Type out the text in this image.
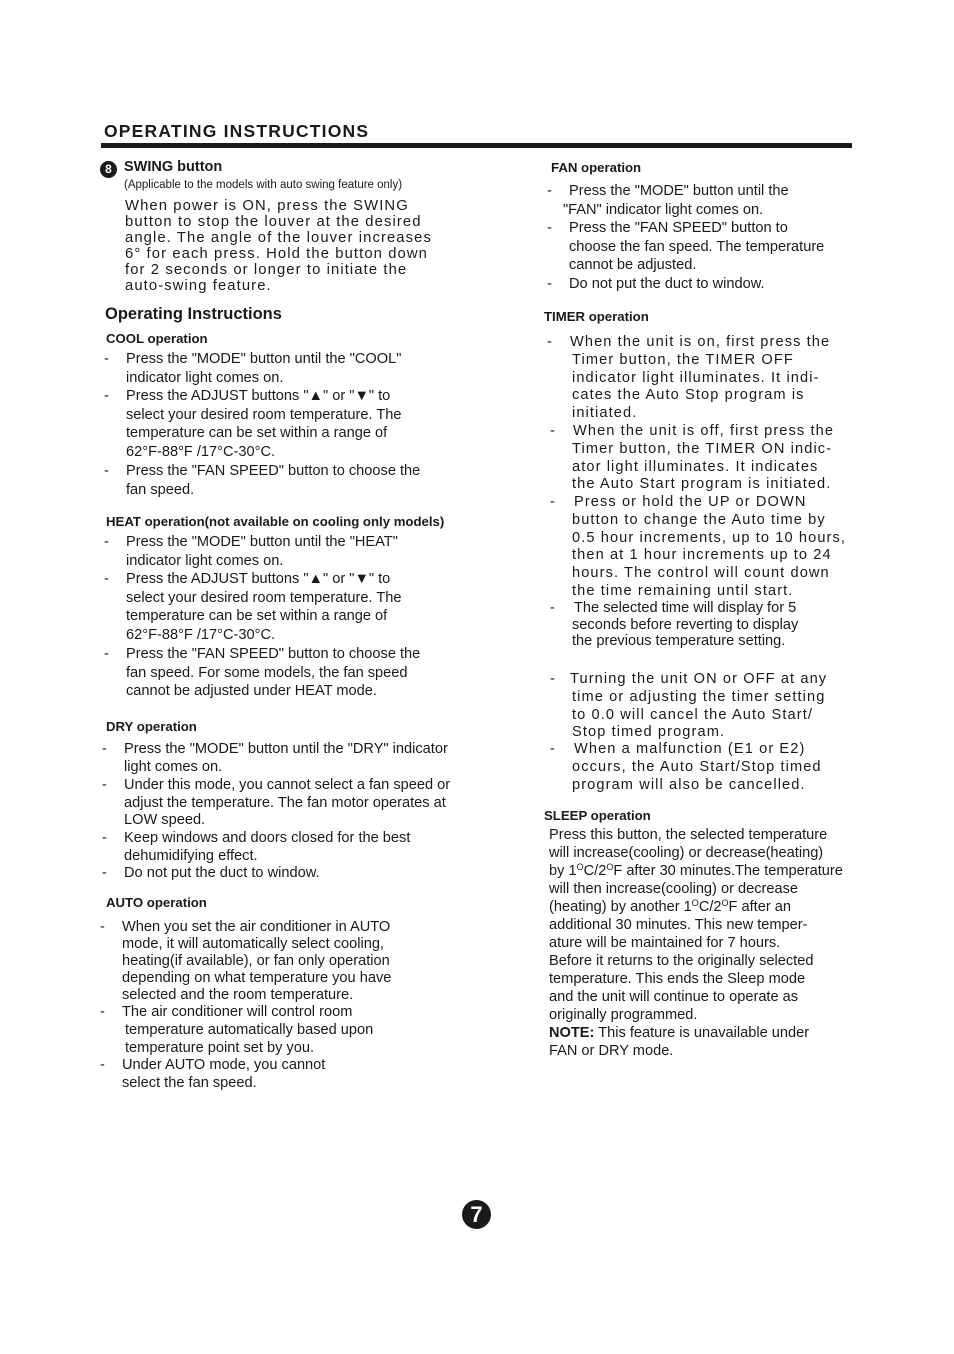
OPERATING INSTRUCTIONS
8 SWING button
(Applicable to the models with auto swing feature only)
When power is ON, press the SWING
button to stop the louver at the desired
angle. The angle of the louver increases
6° for each press. Hold the button down
for 2 seconds or longer to initiate the
auto-swing feature.
Operating Instructions
COOL operation
- Press the "MODE" button until the "COOL"
indicator light comes on.
- Press the ADJUST buttons "▲" or "▼" to
select your desired room temperature. The
temperature can be set within a range of
62°F-88°F /17°C-30°C.
- Press the "FAN SPEED" button to choose the
fan speed.
HEAT operation(not available on cooling only models)
- Press the "MODE" button until the "HEAT"
indicator light comes on.
- Press the ADJUST buttons "▲" or "▼" to
select your desired room temperature. The
temperature can be set within a range of
62°F-88°F /17°C-30°C.
- Press the "FAN SPEED" button to choose the
fan speed. For some models, the fan speed
cannot be adjusted under HEAT mode.
DRY operation
- Press the "MODE" button until the "DRY" indicator
light comes on.
- Under this mode, you cannot select a fan speed or
adjust the temperature. The fan motor operates at
LOW speed.
- Keep windows and doors closed for the best
dehumidifying effect.
- Do not put the duct to window.
AUTO operation
- When you set the air conditioner in AUTO
mode, it will automatically select cooling,
heating(if available), or fan only operation
depending on what temperature you have
selected and the room temperature.
- The air conditioner will control room
temperature automatically based upon
temperature point set by you.
- Under AUTO mode, you cannot
select the fan speed.
FAN operation
- Press the "MODE" button until the
"FAN" indicator light comes on.
- Press the "FAN SPEED" button to
choose the fan speed. The temperature
cannot be adjusted.
- Do not put the duct to window.
TIMER operation
- When the unit is on, first press the
Timer button, the TIMER OFF
indicator light illuminates. It indi-
cates the Auto Stop program is
initiated.
- When the unit is off, first press the
Timer button, the TIMER ON indic-
ator light illuminates. It indicates
the Auto Start program is initiated.
- Press or hold the UP or DOWN
button to change the Auto time by
0.5 hour increments, up to 10 hours,
then at 1 hour increments up to 24
hours. The control will count down
the time remaining until start.
- The selected time will display for 5
seconds before reverting to display
the previous temperature setting.
- Turning the unit ON or OFF at any
time or adjusting the timer setting
to 0.0 will cancel the Auto Start/
Stop timed program.
- When a malfunction (E1 or E2)
occurs, the Auto Start/Stop timed
program will also be cancelled.
SLEEP operation
Press this button, the selected temperature
will increase(cooling) or decrease(heating)
by $1^OC/2^OF$ after 30 minutes.The temperature
will then increase(cooling) or decrease
(heating) by another $1^OC/2^OF$ after an
additional 30 minutes. This new temper-
ature will be maintained for 7 hours.
Before it returns to the originally selected
temperature. This ends the Sleep mode
and the unit will continue to operate as
originally programmed.
NOTE: This feature is unavailable under
FAN or DRY mode.
7
